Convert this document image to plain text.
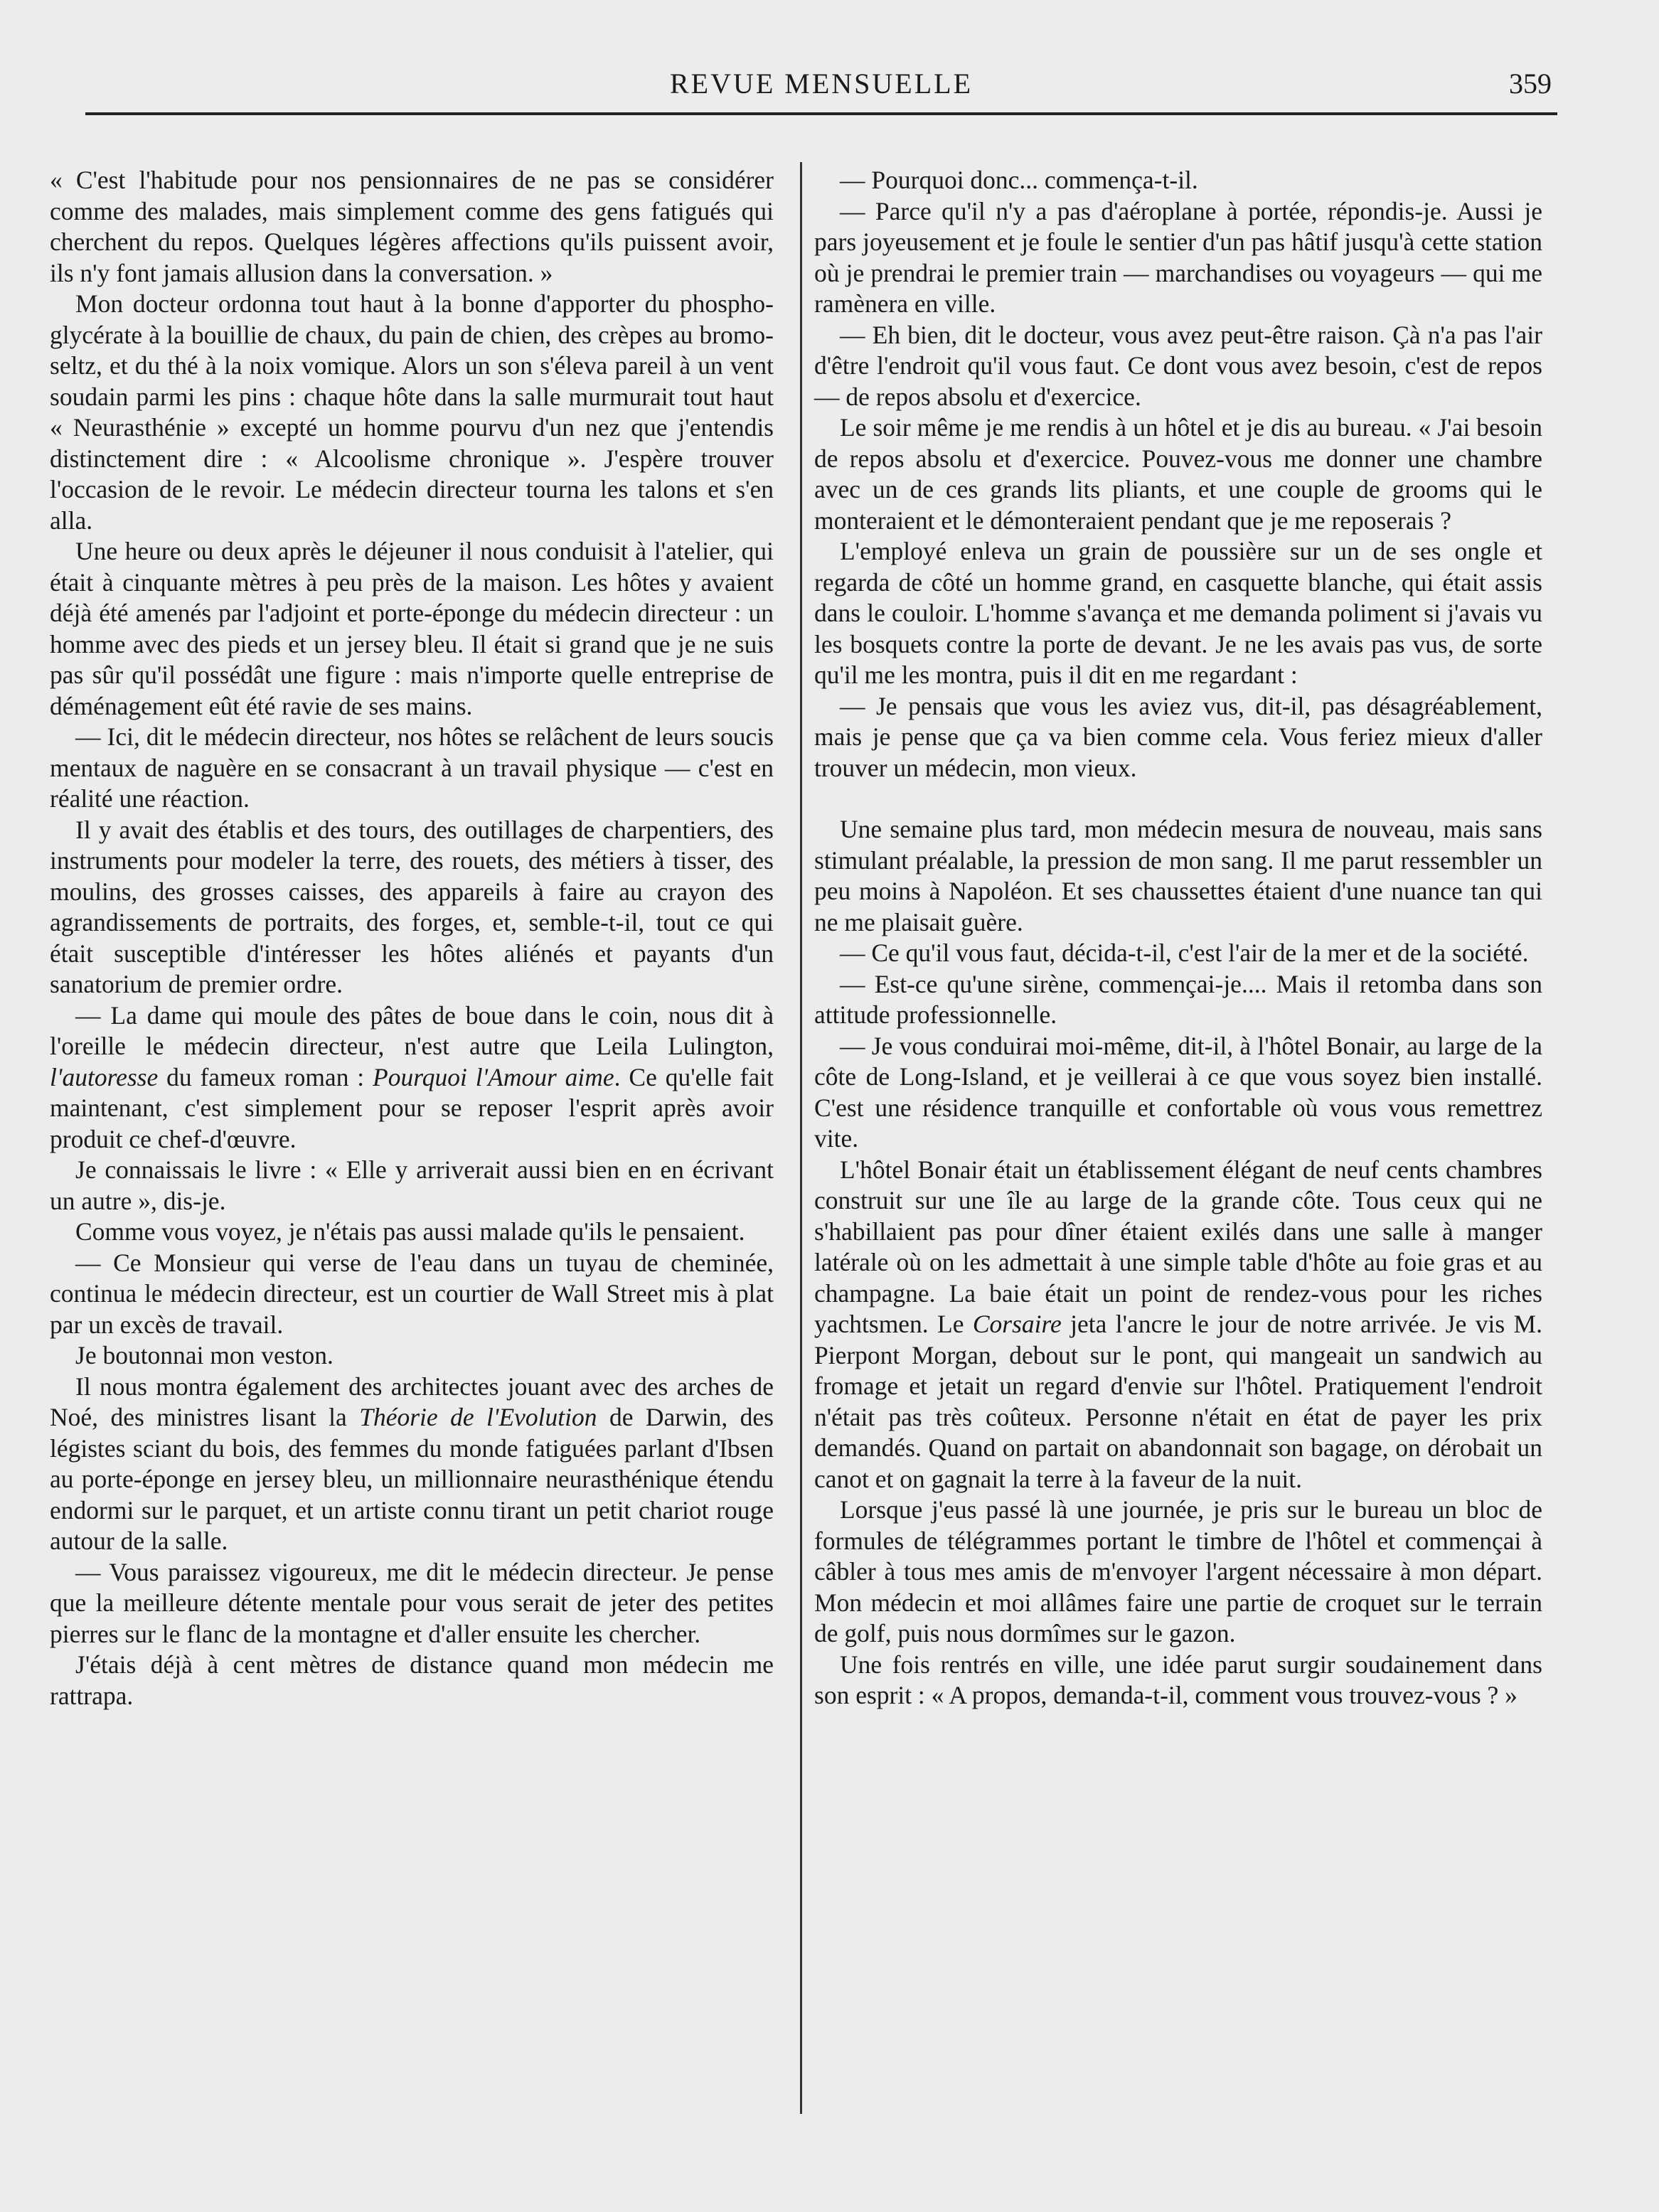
REVUE MENSUELLE	359

« C'est l'habitude pour nos pensionnaires de ne pas se considérer comme des malades, mais simplement comme des gens fatigués qui cherchent du repos. Quelques légères affections qu'ils puissent avoir, ils n'y font jamais allusion dans la conversation. »

Mon docteur ordonna tout haut à la bonne d'apporter du phospho-glycérate à la bouillie de chaux, du pain de chien, des crèpes au bromo-seltz, et du thé à la noix vomique. Alors un son s'éleva pareil à un vent soudain parmi les pins : chaque hôte dans la salle murmurait tout haut « Neurasthénie » excepté un homme pourvu d'un nez que j'entendis distinctement dire : « Alcoolisme chronique ». J'espère trouver l'occasion de le revoir. Le médecin directeur tourna les talons et s'en alla.

Une heure ou deux après le déjeuner il nous conduisit à l'atelier, qui était à cinquante mètres à peu près de la maison. Les hôtes y avaient déjà été amenés par l'adjoint et porte-éponge du médecin directeur : un homme avec des pieds et un jersey bleu. Il était si grand que je ne suis pas sûr qu'il possédât une figure : mais n'importe quelle entreprise de déménagement eût été ravie de ses mains.

— Ici, dit le médecin directeur, nos hôtes se relâchent de leurs soucis mentaux de naguère en se consacrant à un travail physique — c'est en réalité une réaction.

Il y avait des établis et des tours, des outillages de charpentiers, des instruments pour modeler la terre, des rouets, des métiers à tisser, des moulins, des grosses caisses, des appareils à faire au crayon des agrandissements de portraits, des forges, et, semble-t-il, tout ce qui était susceptible d'intéresser les hôtes aliénés et payants d'un sanatorium de premier ordre.

— La dame qui moule des pâtes de boue dans le coin, nous dit à l'oreille le médecin directeur, n'est autre que Leila Lulington, l'autoresse du fameux roman : Pourquoi l'Amour aime. Ce qu'elle fait maintenant, c'est simplement pour se reposer l'esprit après avoir produit ce chef-d'œuvre.

Je connaissais le livre : « Elle y arriverait aussi bien en en écrivant un autre », dis-je.

Comme vous voyez, je n'étais pas aussi malade qu'ils le pensaient.

— Ce Monsieur qui verse de l'eau dans un tuyau de cheminée, continua le médecin directeur, est un courtier de Wall Street mis à plat par un excès de travail.

Je boutonnai mon veston.

Il nous montra également des architectes jouant avec des arches de Noé, des ministres lisant la Théorie de l'Evolution de Darwin, des légistes sciant du bois, des femmes du monde fatiguées parlant d'Ibsen au porte-éponge en jersey bleu, un millionnaire neurasthénique étendu endormi sur le parquet, et un artiste connu tirant un petit chariot rouge autour de la salle.

— Vous paraissez vigoureux, me dit le médecin directeur. Je pense que la meilleure détente mentale pour vous serait de jeter des petites pierres sur le flanc de la montagne et d'aller ensuite les chercher.

J'étais déjà à cent mètres de distance quand mon médecin me rattrapa.

— Pourquoi donc... commença-t-il.

— Parce qu'il n'y a pas d'aéroplane à portée, répondis-je. Aussi je pars joyeusement et je foule le sentier d'un pas hâtif jusqu'à cette station où je prendrai le premier train — marchandises ou voyageurs — qui me ramènera en ville.

— Eh bien, dit le docteur, vous avez peut-être raison. Çà n'a pas l'air d'être l'endroit qu'il vous faut. Ce dont vous avez besoin, c'est de repos — de repos absolu et d'exercice.

Le soir même je me rendis à un hôtel et je dis au bureau. « J'ai besoin de repos absolu et d'exercice. Pouvez-vous me donner une chambre avec un de ces grands lits pliants, et une couple de grooms qui le monteraient et le démonteraient pendant que je me reposerais ?

L'employé enleva un grain de poussière sur un de ses ongle et regarda de côté un homme grand, en casquette blanche, qui était assis dans le couloir. L'homme s'avança et me demanda poliment si j'avais vu les bosquets contre la porte de devant. Je ne les avais pas vus, de sorte qu'il me les montra, puis il dit en me regardant :

— Je pensais que vous les aviez vus, dit-il, pas désagréablement, mais je pense que ça va bien comme cela. Vous feriez mieux d'aller trouver un médecin, mon vieux.

Une semaine plus tard, mon médecin mesura de nouveau, mais sans stimulant préalable, la pression de mon sang. Il me parut ressembler un peu moins à Napoléon. Et ses chaussettes étaient d'une nuance tan qui ne me plaisait guère.

— Ce qu'il vous faut, décida-t-il, c'est l'air de la mer et de la société.

— Est-ce qu'une sirène, commençai-je.... Mais il retomba dans son attitude professionnelle.

— Je vous conduirai moi-même, dit-il, à l'hôtel Bonair, au large de la côte de Long-Island, et je veillerai à ce que vous soyez bien installé. C'est une résidence tranquille et confortable où vous vous remettrez vite.

L'hôtel Bonair était un établissement élégant de neuf cents chambres construit sur une île au large de la grande côte. Tous ceux qui ne s'habillaient pas pour dîner étaient exilés dans une salle à manger latérale où on les admettait à une simple table d'hôte au foie gras et au champagne. La baie était un point de rendez-vous pour les riches yachtsmen. Le Corsaire jeta l'ancre le jour de notre arrivée. Je vis M. Pierpont Morgan, debout sur le pont, qui mangeait un sandwich au fromage et jetait un regard d'envie sur l'hôtel. Pratiquement l'endroit n'était pas très coûteux. Personne n'était en état de payer les prix demandés. Quand on partait on abandonnait son bagage, on dérobait un canot et on gagnait la terre à la faveur de la nuit.

Lorsque j'eus passé là une journée, je pris sur le bureau un bloc de formules de télégrammes portant le timbre de l'hôtel et commençai à câbler à tous mes amis de m'envoyer l'argent nécessaire à mon départ. Mon médecin et moi allâmes faire une partie de croquet sur le terrain de golf, puis nous dormîmes sur le gazon.

Une fois rentrés en ville, une idée parut surgir soudainement dans son esprit : « A propos, demanda-t-il, comment vous trouvez-vous ? »
